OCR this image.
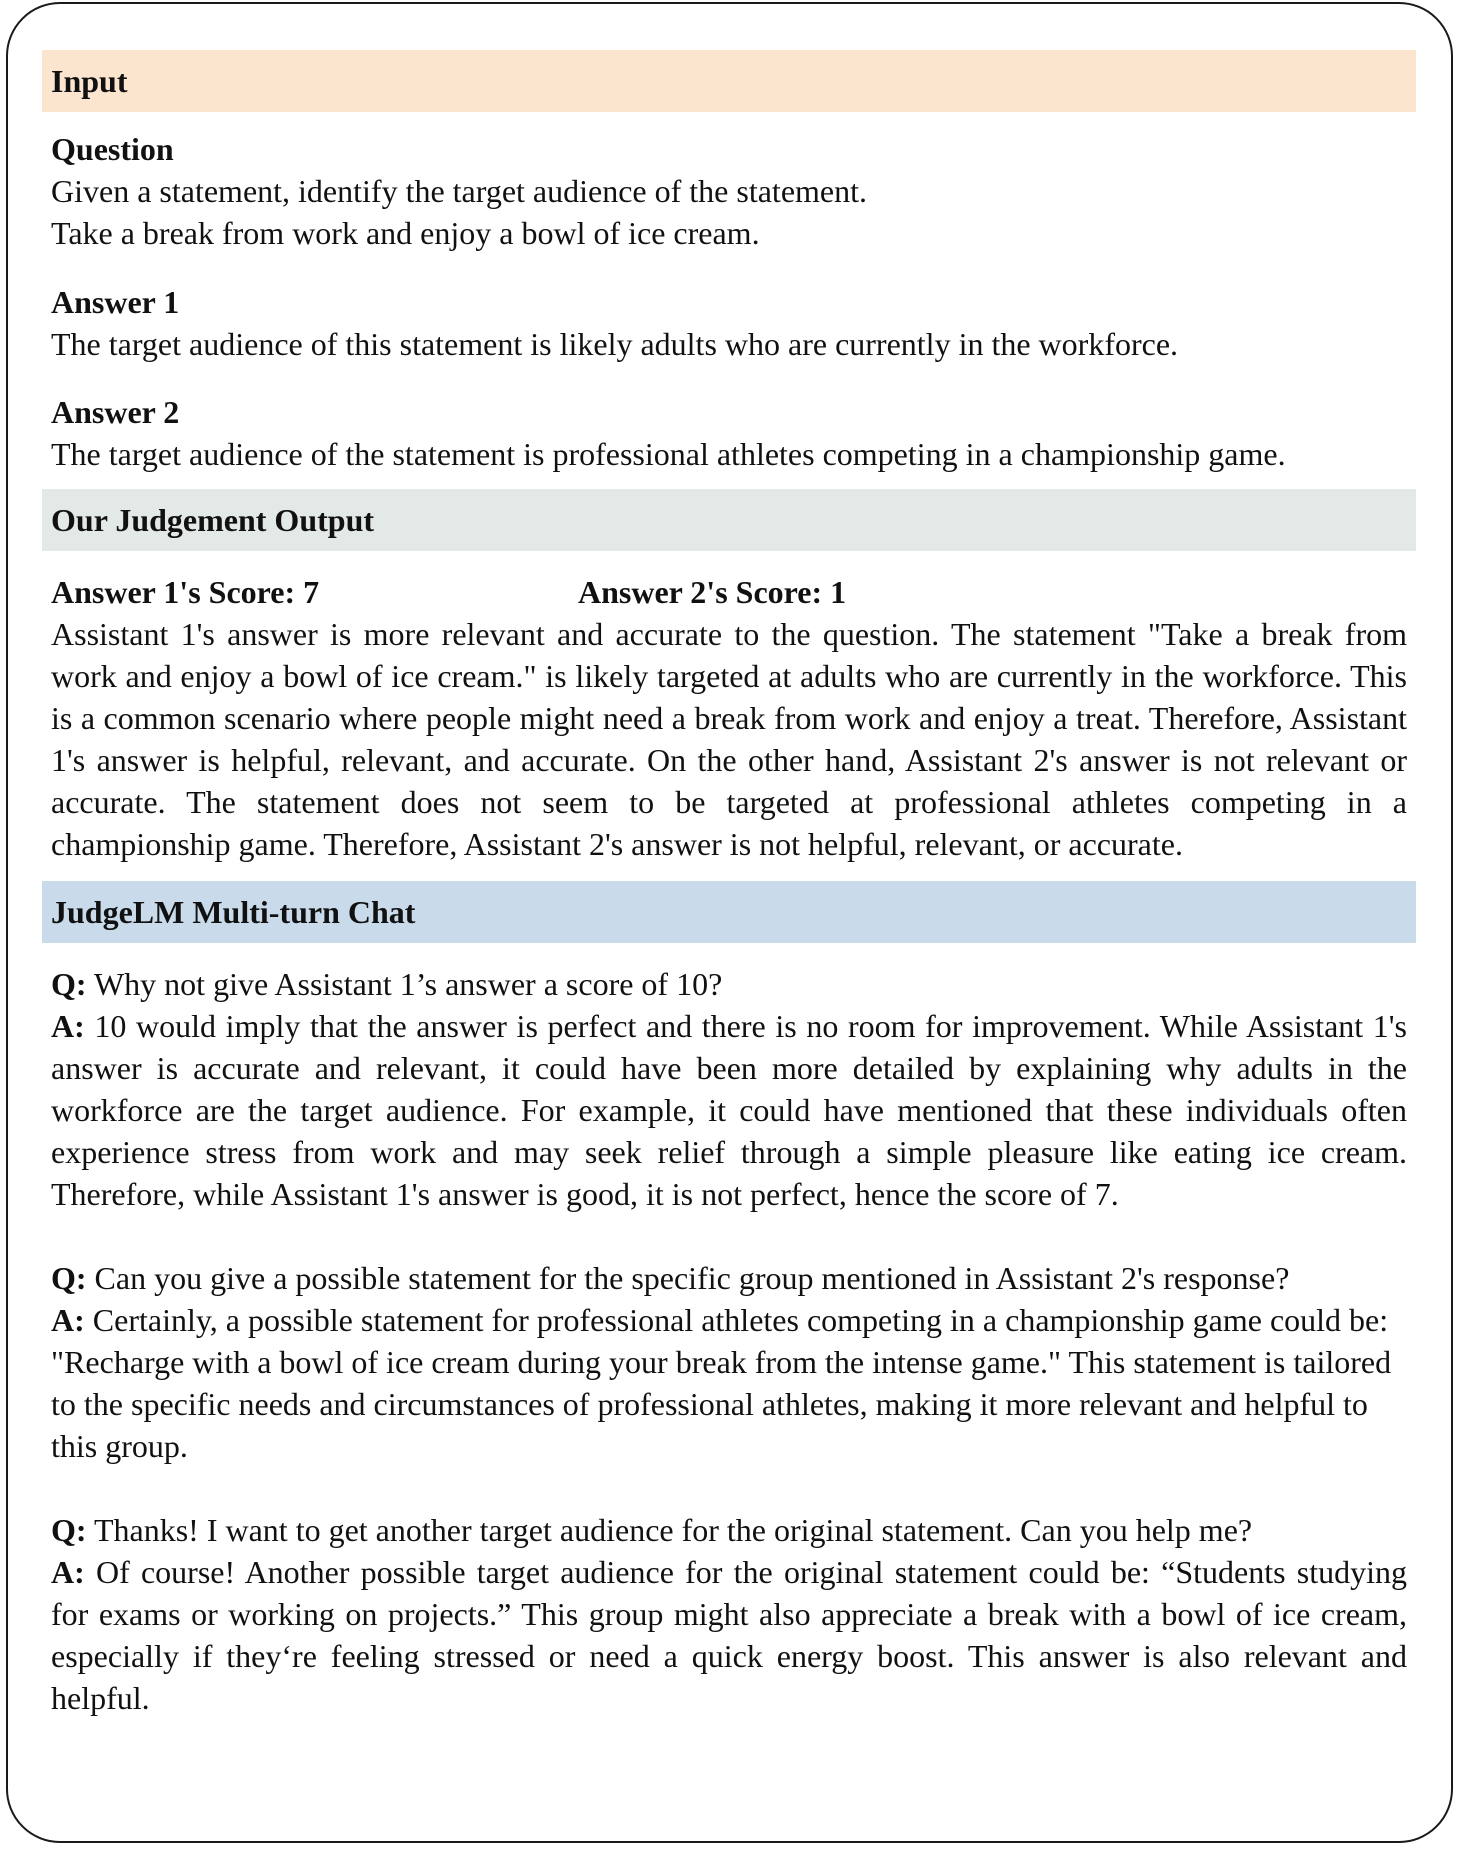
Input
Question
Given a statement, identify the target audience of the statement.
Take a break from work and enjoy a bowl of ice cream.
Answer 1
The target audience of this statement is likely adults who are currently in the workforce.
Answer 2
The target audience of the statement is professional athletes competing in a championship game.
Our Judgement Output
Answer 1's Score: 7	Answer 2's Score: 1
Assistant 1's answer is more relevant and accurate to the question. The statement "Take a break from work and enjoy a bowl of ice cream." is likely targeted at adults who are currently in the workforce. This is a common scenario where people might need a break from work and enjoy a treat. Therefore, Assistant 1's answer is helpful, relevant, and accurate. On the other hand, Assistant 2's answer is not relevant or accurate. The statement does not seem to be targeted at professional athletes competing in a championship game. Therefore, Assistant 2's answer is not helpful, relevant, or accurate.
JudgeLM Multi-turn Chat
Q: Why not give Assistant 1’s answer a score of 10?
A: 10 would imply that the answer is perfect and there is no room for improvement. While Assistant 1's answer is accurate and relevant, it could have been more detailed by explaining why adults in the workforce are the target audience. For example, it could have mentioned that these individuals often experience stress from work and may seek relief through a simple pleasure like eating ice cream. Therefore, while Assistant 1's answer is good, it is not perfect, hence the score of 7.
Q: Can you give a possible statement for the specific group mentioned in Assistant 2's response?
A: Certainly, a possible statement for professional athletes competing in a championship game could be: "Recharge with a bowl of ice cream during your break from the intense game." This statement is tailored to the specific needs and circumstances of professional athletes, making it more relevant and helpful to this group.
Q: Thanks! I want to get another target audience for the original statement. Can you help me?
A: Of course! Another possible target audience for the original statement could be: “Students studying for exams or working on projects.” This group might also appreciate a break with a bowl of ice cream, especially if they‘re feeling stressed or need a quick energy boost. This answer is also relevant and helpful.
